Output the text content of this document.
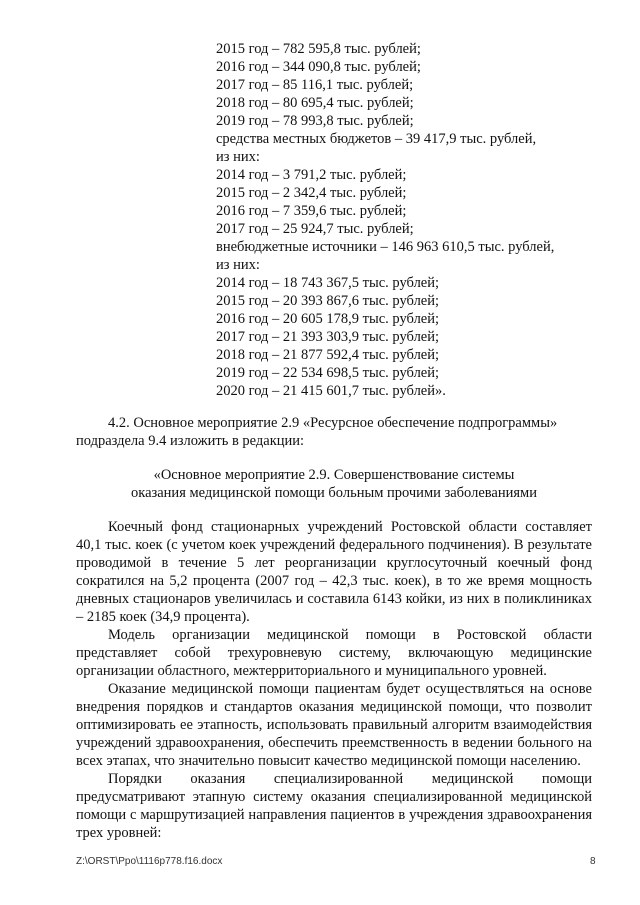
2015 год – 782 595,8 тыс. рублей;
2016 год – 344 090,8 тыс. рублей;
2017 год – 85 116,1 тыс. рублей;
2018 год – 80 695,4 тыс. рублей;
2019 год – 78 993,8 тыс. рублей;
средства местных бюджетов – 39 417,9 тыс. рублей,
из них:
2014 год – 3 791,2 тыс. рублей;
2015 год – 2 342,4 тыс. рублей;
2016 год – 7 359,6 тыс. рублей;
2017 год – 25 924,7 тыс. рублей;
внебюджетные источники – 146 963 610,5 тыс. рублей,
из них:
2014 год – 18 743 367,5 тыс. рублей;
2015 год – 20 393 867,6 тыс. рублей;
2016 год – 20 605 178,9 тыс. рублей;
2017 год – 21 393 303,9 тыс. рублей;
2018 год – 21 877 592,4 тыс. рублей;
2019 год – 22 534 698,5 тыс. рублей;
2020 год – 21 415 601,7 тыс. рублей».
4.2. Основное мероприятие 2.9 «Ресурсное обеспечение подпрограммы»
подраздела 9.4 изложить в редакции:
«Основное мероприятие 2.9. Совершенствование системы
оказания медицинской помощи больным прочими заболеваниями

Коечный фонд стационарных учреждений Ростовской области составляет 40,1 тыс. коек (с учетом коек учреждений федерального подчинения). В результате проводимой в течение 5 лет реорганизации круглосуточный коечный фонд сократился на 5,2 процента (2007 год – 42,3 тыс. коек), в то же время мощность дневных стационаров увеличилась и составила 6143 койки, из них в поликлиниках – 2185 коек (34,9 процента).

Модель организации медицинской помощи в Ростовской области представляет собой трехуровневую систему, включающую медицинские организации областного, межтерриториального и муниципального уровней.

Оказание медицинской помощи пациентам будет осуществляться на основе внедрения порядков и стандартов оказания медицинской помощи, что позволит оптимизировать ее этапность, использовать правильный алгоритм взаимодействия учреждений здравоохранения, обеспечить преемственность в ведении больного на всех этапах, что значительно повысит качество медицинской помощи населению.

Порядки оказания специализированной медицинской помощи предусматривают этапную систему оказания специализированной медицинской помощи с маршрутизацией направления пациентов в учреждения здравоохранения трех уровней:

Z:\ORST\Ppo\1116p778.f16.docx	8
